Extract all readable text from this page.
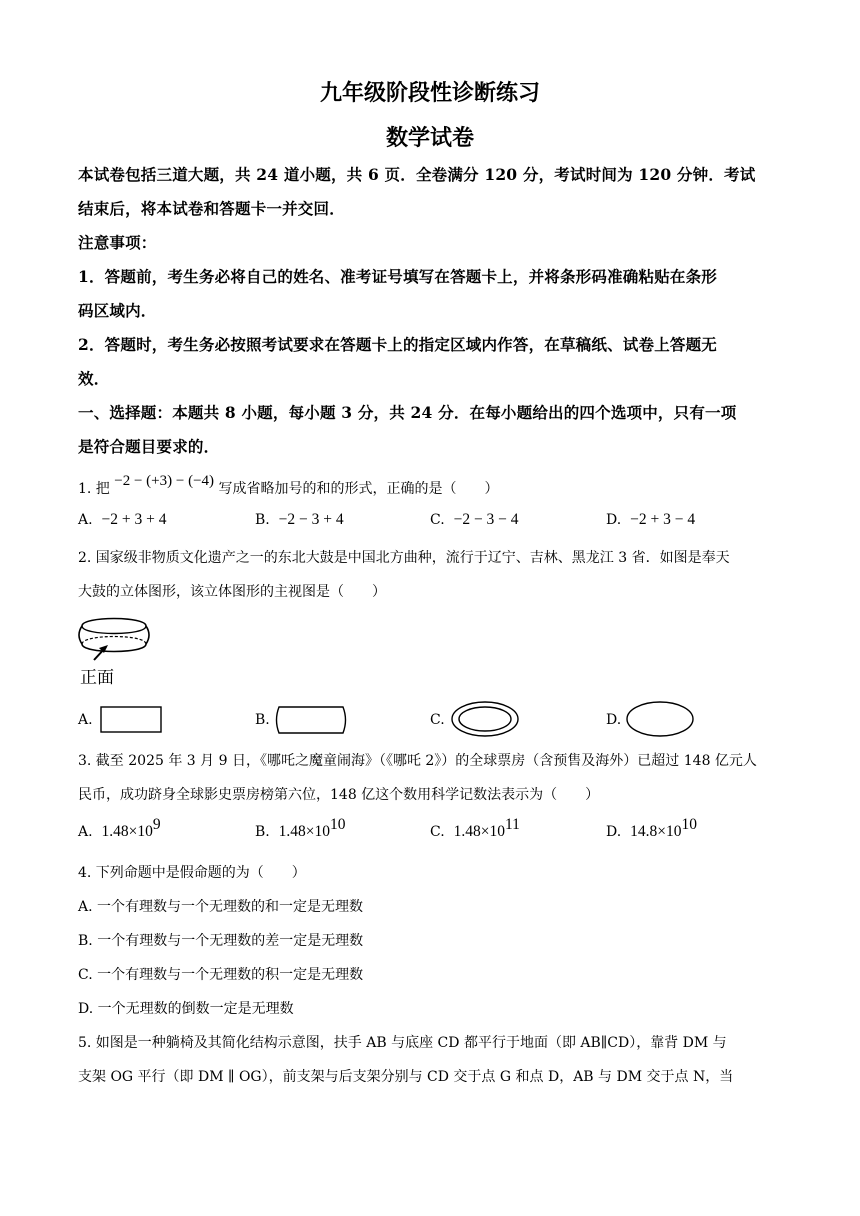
九年级阶段性诊断练习
数学试卷
本试卷包括三道大题，共 24 道小题，共 6 页．全卷满分 120 分，考试时间为 120 分钟．考试
结束后，将本试卷和答题卡一并交回．
注意事项：
1．答题前，考生务必将自己的姓名、准考证号填写在答题卡上，并将条形码准确粘贴在条形
码区域内．
2．答题时，考生务必按照考试要求在答题卡上的指定区域内作答，在草稿纸、试卷上答题无
效．
一、选择题：本题共 8 小题，每小题 3 分，共 24 分．在每小题给出的四个选项中，只有一项
是符合题目要求的．
1. 把 −2 − (+3) − (−4) 写成省略加号的和的形式，正确的是（　　）
A. −2 + 3 + 4	B. −2 − 3 + 4	C. −2 − 3 − 4	D. −2 + 3 − 4
2. 国家级非物质文化遗产之一的东北大鼓是中国北方曲种，流行于辽宁、吉林、黑龙江 3 省．如图是奉天
大鼓的立体图形，该立体图形的主视图是（　　）
正面
A.	B.	C.	D.
3. 截至 2025 年 3 月 9 日，《哪吒之魔童闹海》（《哪吒 2》）的全球票房（含预售及海外）已超过 148 亿元人
民币，成功跻身全球影史票房榜第六位，148 亿这个数用科学记数法表示为（　　）
A. $1.48\times 10^9$	B. $1.48\times 10^{10}$	C. $1.48\times 10^{11}$	D. $14.8\times 10^{10}$
4. 下列命题中是假命题的为（　　）
A. 一个有理数与一个无理数的和一定是无理数
B. 一个有理数与一个无理数的差一定是无理数
C. 一个有理数与一个无理数的积一定是无理数
D. 一个无理数的倒数一定是无理数
5. 如图是一种躺椅及其简化结构示意图，扶手 AB 与底座 CD 都平行于地面（即 AB∥CD），靠背 DM 与
支架 OG 平行（即 DM ∥ OG），前支架与后支架分别与 CD 交于点 G 和点 D，AB 与 DM 交于点 N，当
